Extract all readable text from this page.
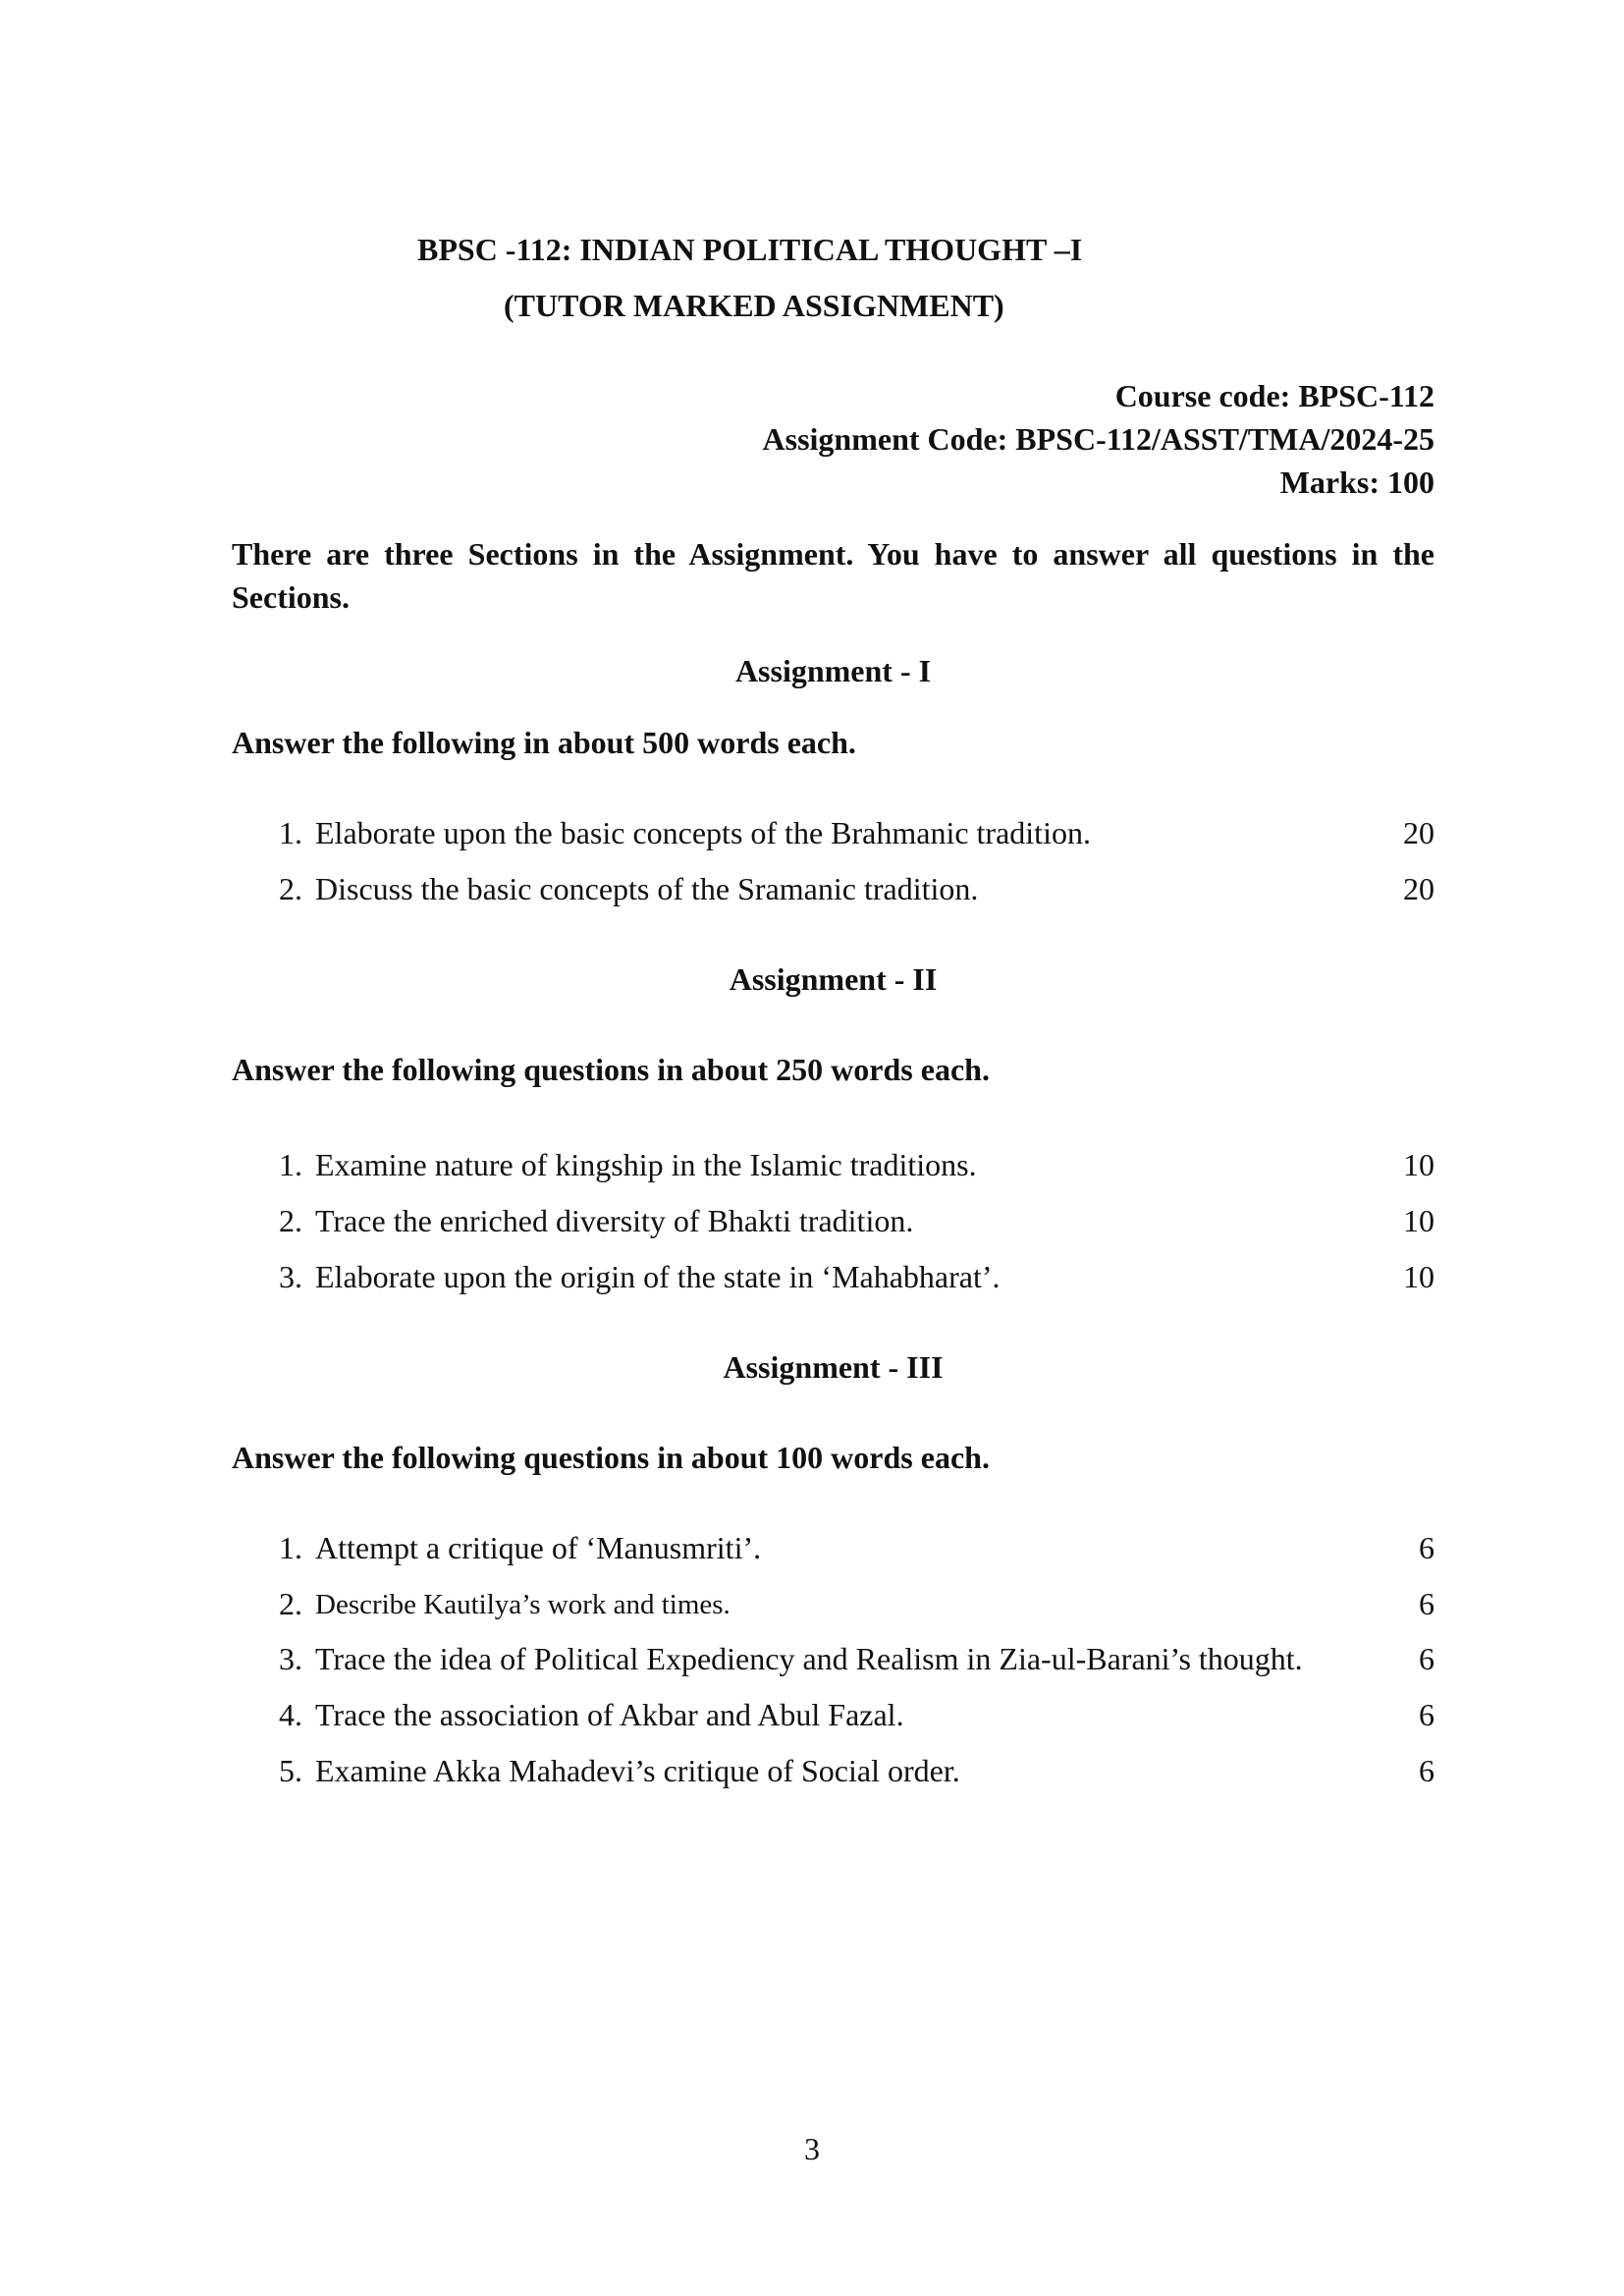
BPSC -112: INDIAN POLITICAL THOUGHT –I
(TUTOR MARKED ASSIGNMENT)
Course code: BPSC-112
Assignment Code: BPSC-112/ASST/TMA/2024-25
Marks: 100
There are three Sections in the Assignment. You have to answer all questions in the Sections.
Assignment - I
Answer the following in about 500 words each.
1. Elaborate upon the basic concepts of the Brahmanic tradition.	20
2. Discuss the basic concepts of the Sramanic tradition.	20
Assignment - II
Answer the following questions in about 250 words each.
1. Examine nature of kingship in the Islamic traditions.	10
2. Trace the enriched diversity of Bhakti tradition.	10
3. Elaborate upon the origin of the state in ‘Mahabharat’.	10
Assignment - III
Answer the following questions in about 100 words each.
1. Attempt a critique of ‘Manusmriti’.	6
2. Describe Kautilya’s work and times.	6
3. Trace the idea of Political Expediency and Realism in Zia-ul-Barani’s thought.	6
4. Trace the association of Akbar and Abul Fazal.	6
5. Examine Akka Mahadevi’s critique of Social order.	6
3
